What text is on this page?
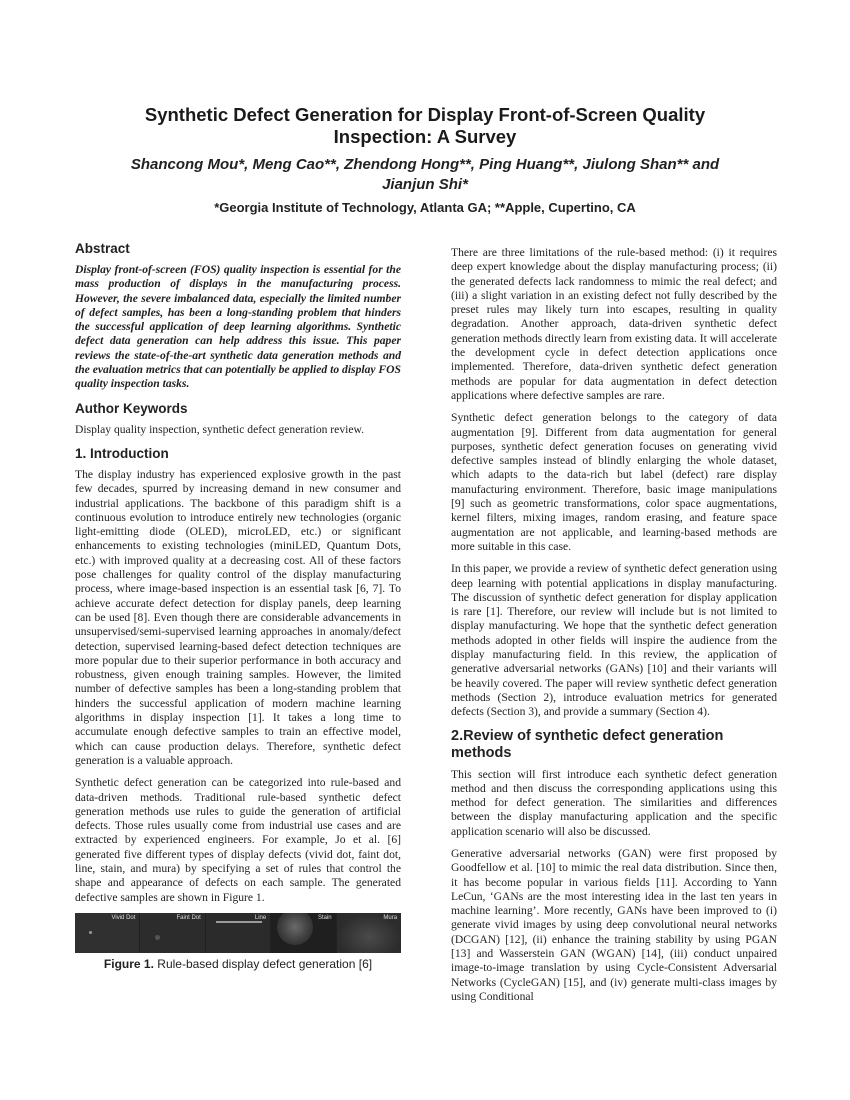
Synthetic Defect Generation for Display Front-of-Screen Quality Inspection: A Survey
Shancong Mou*, Meng Cao**, Zhendong Hong**, Ping Huang**, Jiulong Shan** and
Jianjun Shi*
*Georgia Institute of Technology, Atlanta GA; **Apple, Cupertino, CA
Abstract

Display front-of-screen (FOS) quality inspection is essential for the mass production of displays in the manufacturing process. However, the severe imbalanced data, especially the limited number of defect samples, has been a long-standing problem that hinders the successful application of deep learning algorithms. Synthetic defect data generation can help address this issue. This paper reviews the state-of-the-art synthetic data generation methods and the evaluation metrics that can potentially be applied to display FOS quality inspection tasks.

Author Keywords

Display quality inspection, synthetic defect generation review.

1. Introduction

The display industry has experienced explosive growth in the past few decades, spurred by increasing demand in new consumer and industrial applications. The backbone of this paradigm shift is a continuous evolution to introduce entirely new technologies (organic light-emitting diode (OLED), microLED, etc.) or significant enhancements to existing technologies (miniLED, Quantum Dots, etc.) with improved quality at a decreasing cost. All of these factors pose challenges for quality control of the display manufacturing process, where image-based inspection is an essential task [6, 7]. To achieve accurate defect detection for display panels, deep learning can be used [8]. Even though there are considerable advancements in unsupervised/semi-supervised learning approaches in anomaly/defect detection, supervised learning-based defect detection techniques are more popular due to their superior performance in both accuracy and robustness, given enough training samples. However, the limited number of defective samples has been a long-standing problem that hinders the successful application of modern machine learning algorithms in display inspection [1]. It takes a long time to accumulate enough defective samples to train an effective model, which can cause production delays. Therefore, synthetic defect generation is a valuable approach.

Synthetic defect generation can be categorized into rule-based and data-driven methods. Traditional rule-based synthetic defect generation methods use rules to guide the generation of artificial defects. Those rules usually come from industrial use cases and are extracted by experienced engineers. For example, Jo et al. [6] generated five different types of display defects (vivid dot, faint dot, line, stain, and mura) by specifying a set of rules that control the shape and appearance of defects on each sample. The generated defective samples are shown in Figure 1.

Vivid Dot	Faint Dot	Line	Stain	Mura
Figure 1. Rule-based display defect generation [6]

There are three limitations of the rule-based method: (i) it requires deep expert knowledge about the display manufacturing process; (ii) the generated defects lack randomness to mimic the real defect; and (iii) a slight variation in an existing defect not fully described by the preset rules may likely turn into escapes, resulting in quality degradation. Another approach, data-driven synthetic defect generation methods directly learn from existing data. It will accelerate the development cycle in defect detection applications once implemented. Therefore, data-driven synthetic defect generation methods are popular for data augmentation in defect detection applications where defective samples are rare.

Synthetic defect generation belongs to the category of data augmentation [9]. Different from data augmentation for general purposes, synthetic defect generation focuses on generating vivid defective samples instead of blindly enlarging the whole dataset, which adapts to the data-rich but label (defect) rare display manufacturing environment. Therefore, basic image manipulations [9] such as geometric transformations, color space augmentations, kernel filters, mixing images, random erasing, and feature space augmentation are not applicable, and learning-based methods are more suitable in this case.

In this paper, we provide a review of synthetic defect generation using deep learning with potential applications in display manufacturing. The discussion of synthetic defect generation for display application is rare [1]. Therefore, our review will include but is not limited to display manufacturing. We hope that the synthetic defect generation methods adopted in other fields will inspire the audience from the display manufacturing field. In this review, the application of generative adversarial networks (GANs) [10] and their variants will be heavily covered. The paper will review synthetic defect generation methods (Section 2), introduce evaluation metrics for generated defects (Section 3), and provide a summary (Section 4).

2.Review of synthetic defect generation methods

This section will first introduce each synthetic defect generation method and then discuss the corresponding applications using this method for defect generation. The similarities and differences between the display manufacturing application and the specific application scenario will also be discussed.

Generative adversarial networks (GAN) were first proposed by Goodfellow et al. [10] to mimic the real data distribution. Since then, it has become popular in various fields [11]. According to Yann LeCun, ‘GANs are the most interesting idea in the last ten years in machine learning’. More recently, GANs have been improved to (i) generate vivid images by using deep convolutional neural networks (DCGAN) [12], (ii) enhance the training stability by using PGAN [13] and Wasserstein GAN (WGAN) [14], (iii) conduct unpaired image-to-image translation by using Cycle-Consistent Adversarial Networks (CycleGAN) [15], and (iv) generate multi-class images by using Conditional
